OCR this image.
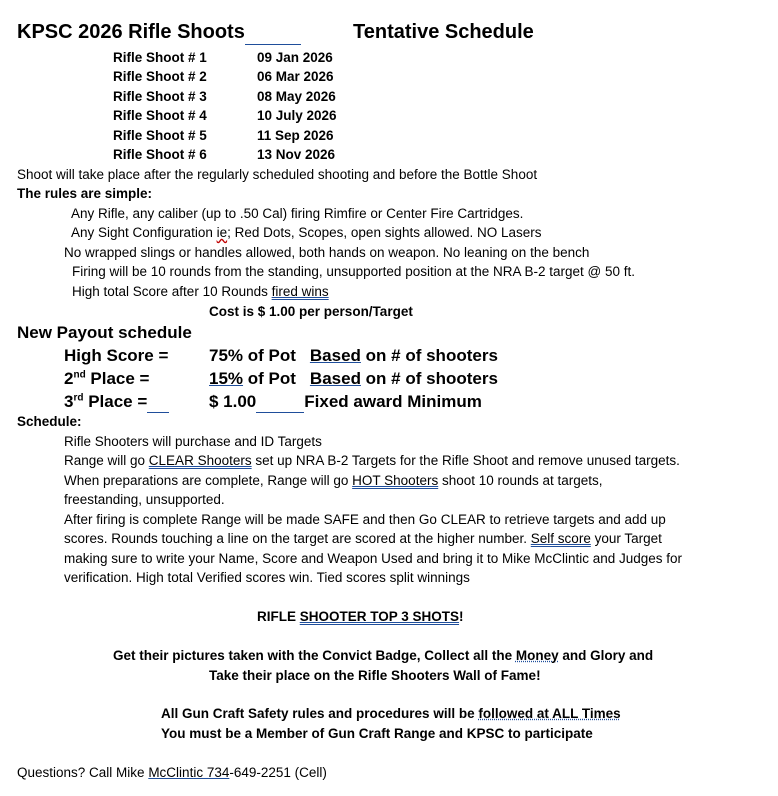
KPSC 2026 Rifle Shoots	Tentative Schedule
Rifle Shoot # 1	09 Jan 2026
Rifle Shoot # 2	06 Mar 2026
Rifle Shoot # 3	08 May 2026
Rifle Shoot # 4	10 July 2026
Rifle Shoot # 5	11 Sep 2026
Rifle Shoot # 6	13 Nov 2026
Shoot will take place after the regularly scheduled shooting and before the Bottle Shoot
The rules are simple:
Any Rifle, any caliber (up to .50 Cal) firing Rimfire or Center Fire Cartridges.
Any Sight Configuration ie; Red Dots, Scopes, open sights allowed. NO Lasers
No wrapped slings or handles allowed, both hands on weapon. No leaning on the bench
Firing will be 10 rounds from the standing, unsupported position at the NRA B-2 target @ 50 ft.
High total Score after 10 Rounds fired wins
Cost is $ 1.00 per person/Target
New Payout schedule
High Score = 75% of Pot Based on # of shooters
2nd Place =	15% of Pot Based on # of shooters
3rd Place =	$ 1.00	Fixed award Minimum
Schedule:
Rifle Shooters will purchase and ID Targets
Range will go CLEAR Shooters set up NRA B-2 Targets for the Rifle Shoot and remove unused targets.
When preparations are complete, Range will go HOT Shooters shoot 10 rounds at targets,
freestanding, unsupported.
After firing is complete Range will be made SAFE and then Go CLEAR to retrieve targets and add up
scores. Rounds touching a line on the target are scored at the higher number. Self score your Target
making sure to write your Name, Score and Weapon Used and bring it to Mike McClintic and Judges for
verification. High total Verified scores win. Tied scores split winnings
RIFLE SHOOTER TOP 3 SHOTS!
Get their pictures taken with the Convict Badge, Collect all the Money and Glory and
Take their place on the Rifle Shooters Wall of Fame!
All Gun Craft Safety rules and procedures will be followed at ALL Times
You must be a Member of Gun Craft Range and KPSC to participate
Questions? Call Mike McClintic 734-649-2251 (Cell)
